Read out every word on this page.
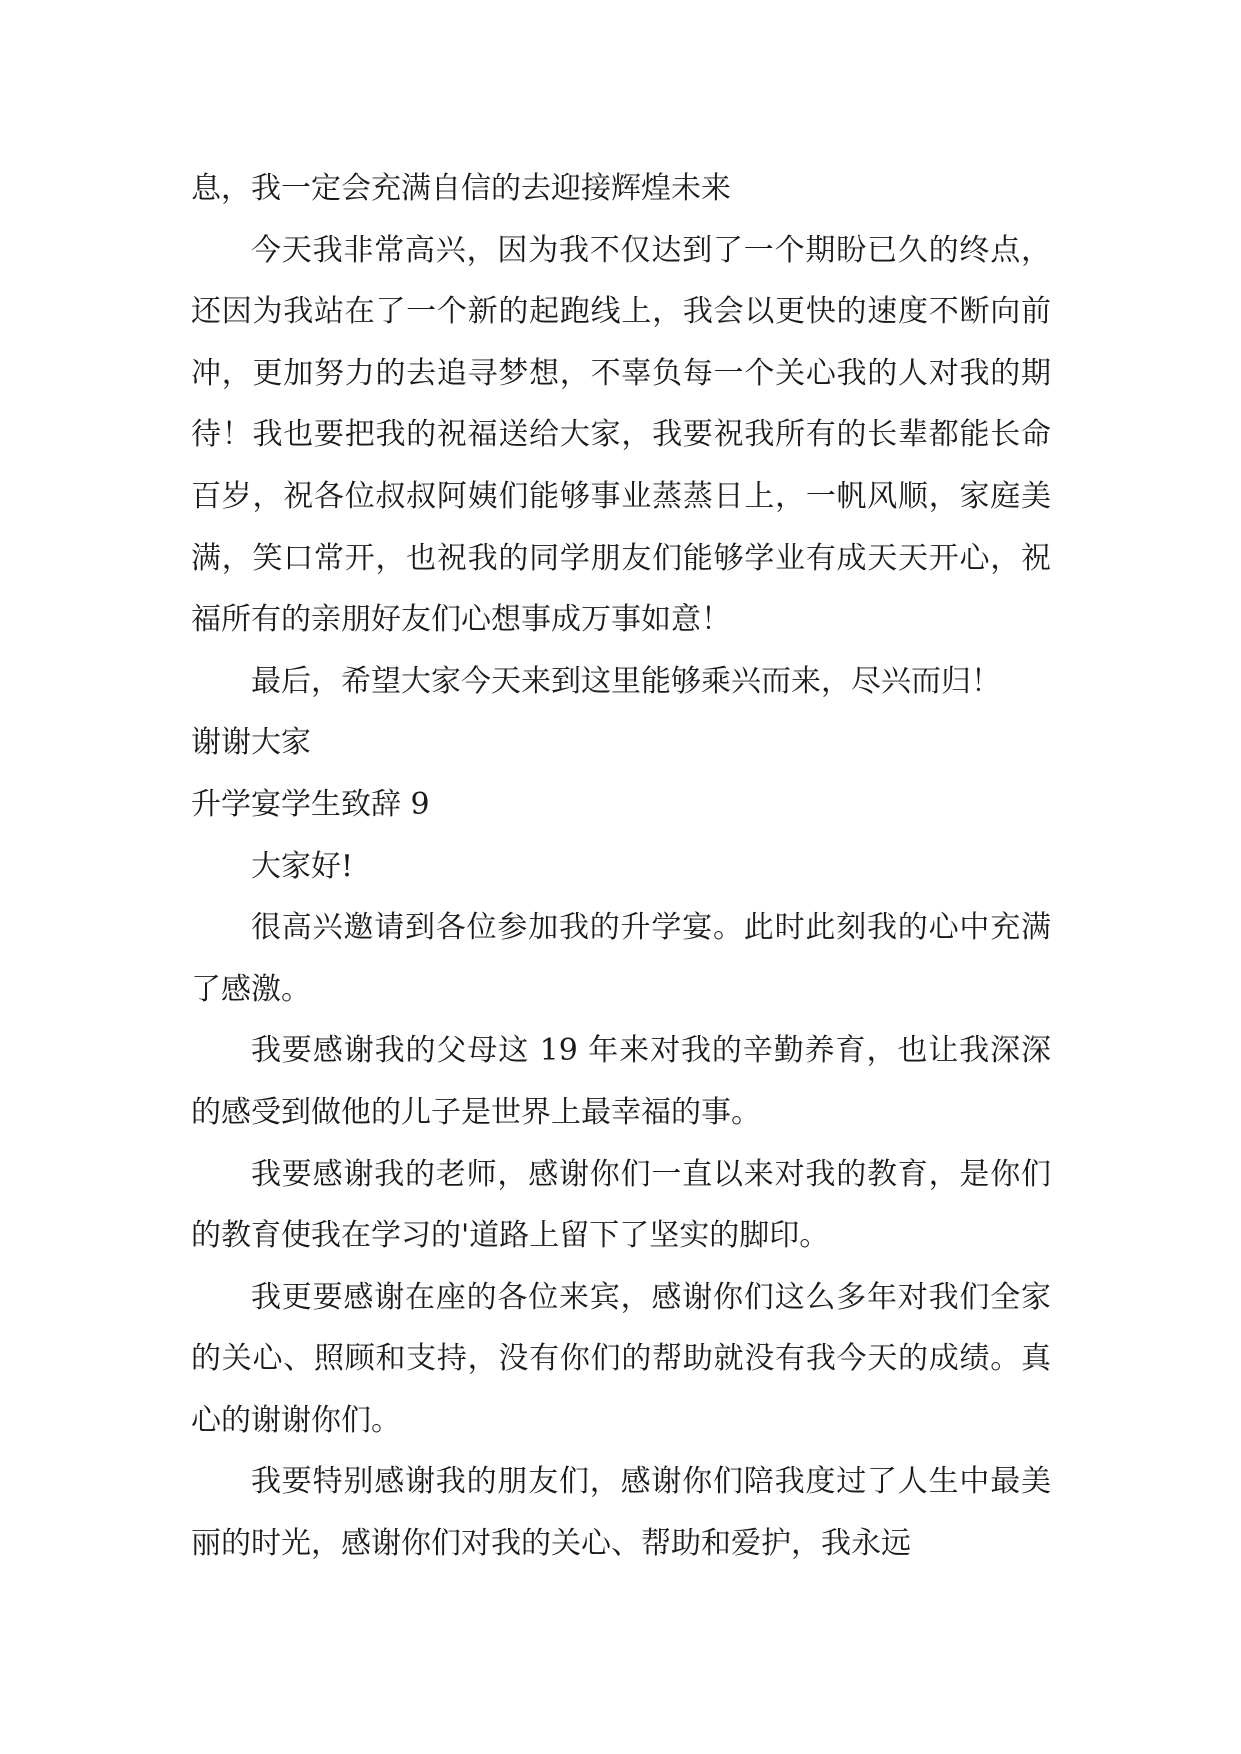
息，我一定会充满自信的去迎接辉煌未来

今天我非常高兴，因为我不仅达到了一个期盼已久的终点，还因为我站在了一个新的起跑线上，我会以更快的速度不断向前冲，更加努力的去追寻梦想，不辜负每一个关心我的人对我的期待！我也要把我的祝福送给大家，我要祝我所有的长辈都能长命百岁，祝各位叔叔阿姨们能够事业蒸蒸日上，一帆风顺，家庭美满，笑口常开，也祝我的同学朋友们能够学业有成天天开心，祝福所有的亲朋好友们心想事成万事如意！

最后，希望大家今天来到这里能够乘兴而来，尽兴而归！

谢谢大家

升学宴学生致辞 9

大家好!

很高兴邀请到各位参加我的升学宴。此时此刻我的心中充满了感激。

我要感谢我的父母这 19 年来对我的辛勤养育，也让我深深的感受到做他的儿子是世界上最幸福的事。

我要感谢我的老师，感谢你们一直以来对我的教育，是你们的教育使我在学习的'道路上留下了坚实的脚印。

我更要感谢在座的各位来宾，感谢你们这么多年对我们全家的关心、照顾和支持，没有你们的帮助就没有我今天的成绩。真心的谢谢你们。

我要特别感谢我的朋友们，感谢你们陪我度过了人生中最美丽的时光，感谢你们对我的关心、帮助和爱护，我永远
